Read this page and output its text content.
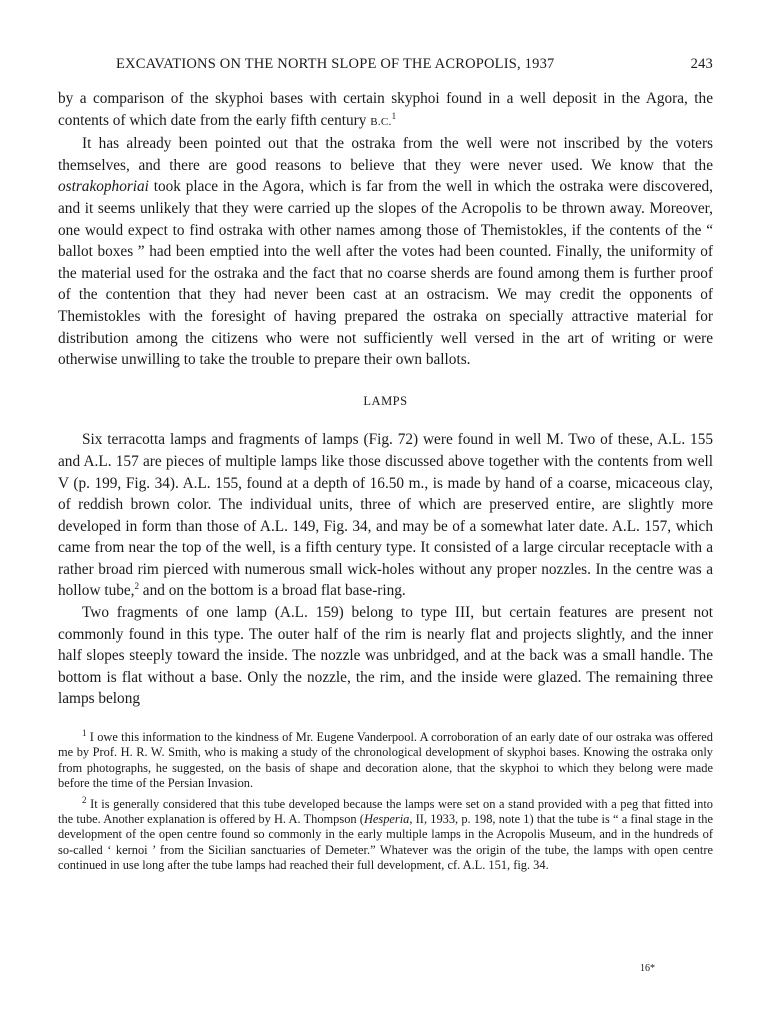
EXCAVATIONS ON THE NORTH SLOPE OF THE ACROPOLIS, 1937	243

by a comparison of the skyphoi bases with certain skyphoi found in a well deposit in the Agora, the contents of which date from the early fifth century B.C.$^1$

It has already been pointed out that the ostraka from the well were not inscribed by the voters themselves, and there are good reasons to believe that they were never used. We know that the ostrakophoriai took place in the Agora, which is far from the well in which the ostraka were discovered, and it seems unlikely that they were carried up the slopes of the Acropolis to be thrown away. Moreover, one would expect to find ostraka with other names among those of Themistokles, if the contents of the “ ballot boxes ” had been emptied into the well after the votes had been counted. Finally, the uniformity of the material used for the ostraka and the fact that no coarse sherds are found among them is further proof of the contention that they had never been cast at an ostracism. We may credit the opponents of Themistokles with the foresight of having prepared the ostraka on specially attractive material for distribution among the citizens who were not sufficiently well versed in the art of writing or were otherwise unwilling to take the trouble to prepare their own ballots.

LAMPS

Six terracotta lamps and fragments of lamps (Fig. 72) were found in well M. Two of these, A.L. 155 and A.L. 157 are pieces of multiple lamps like those discussed above together with the contents from well V (p. 199, Fig. 34). A.L. 155, found at a depth of 16.50 m., is made by hand of a coarse, micaceous clay, of reddish brown color. The individual units, three of which are preserved entire, are slightly more developed in form than those of A.L. 149, Fig. 34, and may be of a somewhat later date. A.L. 157, which came from near the top of the well, is a fifth century type. It consisted of a large circular receptacle with a rather broad rim pierced with numerous small wick-holes without any proper nozzles. In the centre was a hollow tube,$^2$ and on the bottom is a broad flat base-ring.

Two fragments of one lamp (A.L. 159) belong to type III, but certain features are present not commonly found in this type. The outer half of the rim is nearly flat and projects slightly, and the inner half slopes steeply toward the inside. The nozzle was unbridged, and at the back was a small handle. The bottom is flat without a base. Only the nozzle, the rim, and the inside were glazed. The remaining three lamps belong

$^1$ I owe this information to the kindness of Mr. Eugene Vanderpool. A corroboration of an early date of our ostraka was offered me by Prof. H. R. W. Smith, who is making a study of the chronological development of skyphoi bases. Knowing the ostraka only from photographs, he suggested, on the basis of shape and decoration alone, that the skyphoi to which they belong were made before the time of the Persian Invasion.

$^2$ It is generally considered that this tube developed because the lamps were set on a stand provided with a peg that fitted into the tube. Another explanation is offered by H. A. Thompson (Hesperia, II, 1933, p. 198, note 1) that the tube is “ a final stage in the development of the open centre found so commonly in the early multiple lamps in the Acropolis Museum, and in the hundreds of so-called ‘ kernoi ’ from the Sicilian sanctuaries of Demeter.” Whatever was the origin of the tube, the lamps with open centre continued in use long after the tube lamps had reached their full development, cf. A.L. 151, fig. 34.

16*
